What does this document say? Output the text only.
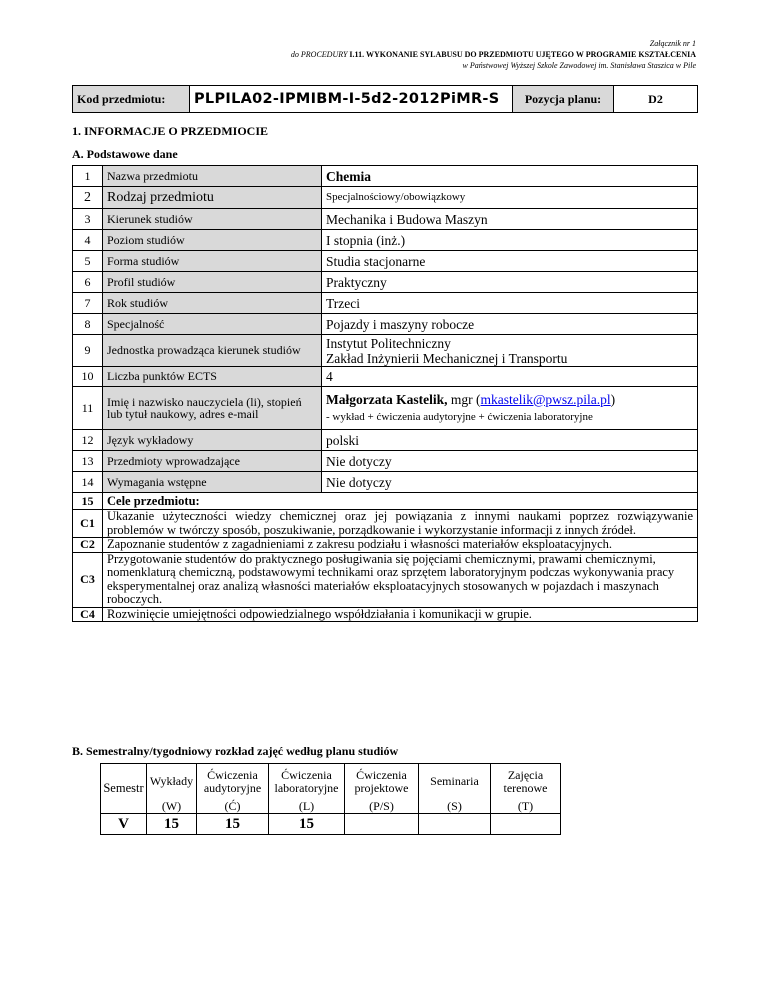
Załącznik nr 1
do PROCEDURY I.11. WYKONANIE SYLABUSU DO PRZEDMIOTU UJĘTEGO W PROGRAMIE KSZTAŁCENIA
w Państwowej Wyższej Szkole Zawodowej im. Stanisława Staszica w Pile
Kod przedmiotu:	PLPILA02-IPMIBM-I-5d2-2012PiMR-S	Pozycja planu:	D2
1. INFORMACJE O PRZEDMIOCIE
A. Podstawowe dane
1	Nazwa przedmiotu	Chemia
2	Rodzaj przedmiotu	Specjalnościowy/obowiązkowy
3	Kierunek studiów	Mechanika i Budowa Maszyn
4	Poziom studiów	I stopnia (inż.)
5	Forma studiów	Studia stacjonarne
6	Profil studiów	Praktyczny
7	Rok studiów	Trzeci
8	Specjalność	Pojazdy i maszyny robocze
9	Jednostka prowadząca kierunek studiów	Instytut Politechniczny
Zakład Inżynierii Mechanicznej i Transportu

10	Liczba punktów ECTS	4
11	Imię i nazwisko nauczyciela (li), stopień lub tytuł naukowy, adres e-mail	Małgorzata Kastelik, mgr (mkastelik@pwsz.pila.pl)
- wykład + ćwiczenia audytoryjne + ćwiczenia laboratoryjne

12	Język wykładowy	polski
13	Przedmioty wprowadzające	Nie dotyczy
14	Wymagania wstępne	Nie dotyczy
15	Cele przedmiotu:	
C1	Ukazanie użyteczności wiedzy chemicznej oraz jej powiązania z innymi naukami poprzez rozwiązywanie problemów w twórczy sposób, poszukiwanie, porządkowanie i wykorzystanie informacji z innych źródeł.	
C2	Zapoznanie studentów z zagadnieniami z zakresu podziału i własności materiałów eksploatacyjnych.	
C3	Przygotowanie studentów do praktycznego posługiwania się pojęciami chemicznymi, prawami chemicznymi, nomenklaturą chemiczną, podstawowymi technikami oraz sprzętem laboratoryjnym podczas wykonywania pracy eksperymentalnej oraz analizą własności materiałów eksploatacyjnych stosowanych w pojazdach i maszynach roboczych.	
C4	Rozwinięcie umiejętności odpowiedzialnego współdziałania i komunikacji w grupie.	
B. Semestralny/tygodniowy rozkład zajęć według planu studiów
Semestr	Wykłady	Ćwiczenia audytoryjne	Ćwiczenia laboratoryjne	Ćwiczenia projektowe	Seminaria	Zajęcia terenowe
	(W)	(Ć)	(L)	(P/S)	(S)	(T)
V	15	15	15			
